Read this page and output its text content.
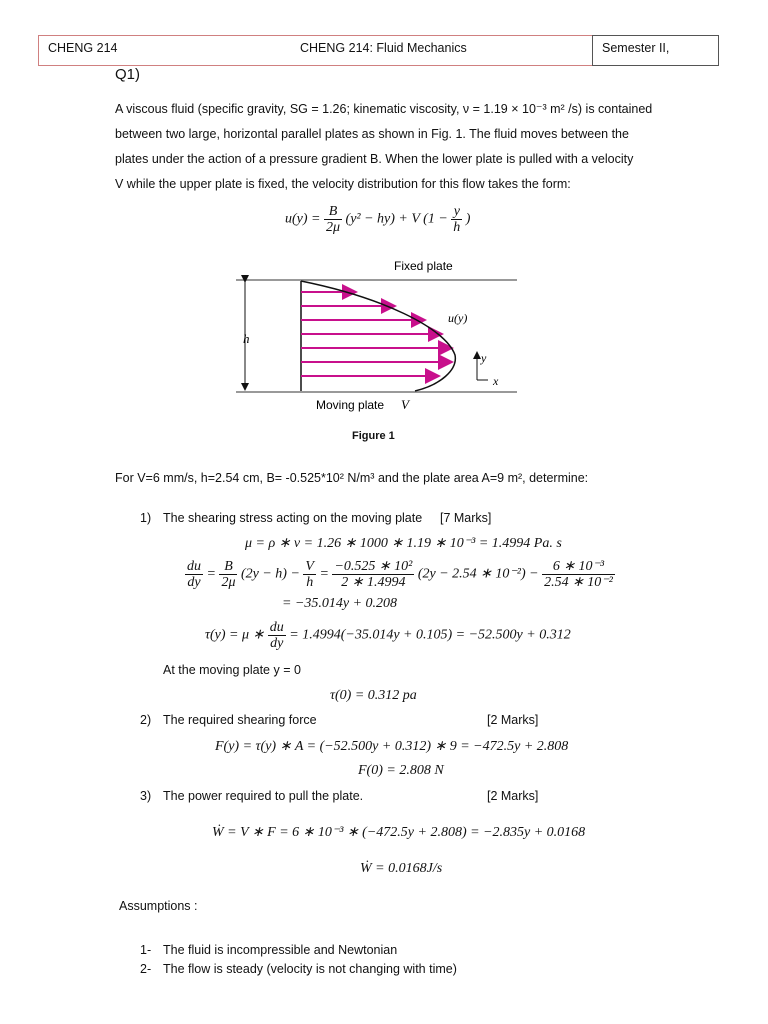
CHENG 214	CHENG 214: Fluid Mechanics	Semester II,
Q1)
A viscous fluid (specific gravity, SG = 1.26; kinematic viscosity, ν = 1.19 × 10⁻³ m² /s) is contained
between two large, horizontal parallel plates as shown in Fig. 1. The fluid moves between the
plates under the action of a pressure gradient B. When the lower plate is pulled with a velocity
V while the upper plate is fixed, the velocity distribution for this flow takes the form:
$u(y) = \frac{B}{2\mu} (y^2 - hy) + V$ ($1 - \frac{y}{h}$ )
h
Fixed plate
u(y)
Moving plate V
y
x
Figure 1
For V=6 mm/s, h=2.54 cm, B= -0.525*10² N/m³ and the plate area A=9 m², determine:
1) The shearing stress acting on the moving plate [7 Marks]
μ = ρ ∗ ν = 1.26 ∗ 1000 ∗ 1.19 ∗ 10⁻³ = 1.4994 Pa. s
$\frac{du}{dy} = \frac{B}{2\mu} (2y - h) - \frac{V}{h} = \frac{\text{−0.525 ∗ 10²}}{2 ∗ 1.4994} (2y - 2.54$ ∗ $10^{-2}) - \frac{\text{6 ∗ 10⁻³}}{\text{2.54 ∗ 10⁻²}}$
= −35.014y + 0.208
τ(y) = μ ∗ $\frac{du}{dy} = 1.4994(-35.014y + 0.105) = -52.500y + 0.312$
At the moving plate y = 0
τ(0) = 0.312 pa
2) The required shearing force	[2 Marks]
F(y) = τ(y) ∗ A = (−52.500y + 0.312) ∗ 9 = −472.5y + 2.808
F(0) = 2.808 N
3) The power required to pull the plate.	[2 Marks]
Ẇ = V ∗ F = 6 ∗ 10⁻³ ∗ (−472.5y + 2.808) = −2.835y + 0.0168
Ẇ = 0.0168J/s
Assumptions :
1- The fluid is incompressible and Newtonian
2- The flow is steady (velocity is not changing with time)
